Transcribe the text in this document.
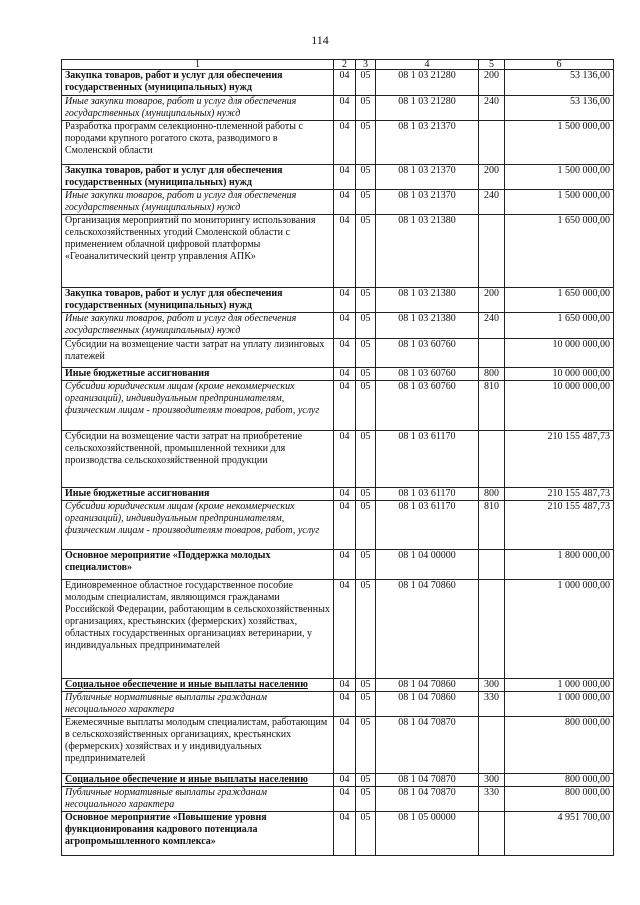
114
1	2	3	4	5	6
Закупка товаров, работ и услуг для обеспечения государственных (муниципальных) нужд	04	05	08 1 03 21280	200	53 136,00
Иные закупки товаров, работ и услуг для обеспечения государственных (муниципальных) нужд	04	05	08 1 03 21280	240	53 136,00
Разработка программ селекционно-племенной работы с породами крупного рогатого скота, разводимого в Смоленской области	04	05	08 1 03 21370		1 500 000,00
Закупка товаров, работ и услуг для обеспечения государственных (муниципальных) нужд	04	05	08 1 03 21370	200	1 500 000,00
Иные закупки товаров, работ и услуг для обеспечения государственных (муниципальных) нужд	04	05	08 1 03 21370	240	1 500 000,00
Организация мероприятий по мониторингу использования сельскохозяйственных угодий Смоленской области с применением облачной цифровой платформы «Геоаналитический центр управления АПК»	04	05	08 1 03 21380		1 650 000,00
Закупка товаров, работ и услуг для обеспечения государственных (муниципальных) нужд	04	05	08 1 03 21380	200	1 650 000,00
Иные закупки товаров, работ и услуг для обеспечения государственных (муниципальных) нужд	04	05	08 1 03 21380	240	1 650 000,00
Субсидии на возмещение части затрат на уплату лизинговых платежей	04	05	08 1 03 60760		10 000 000,00
Иные бюджетные ассигнования	04	05	08 1 03 60760	800	10 000 000,00
Субсидии юридическим лицам (кроме некоммерческих организаций), индивидуальным предпринимателям, физическим лицам - производителям товаров, работ, услуг	04	05	08 1 03 60760	810	10 000 000,00
Субсидии на возмещение части затрат на приобретение сельскохозяйственной, промышленной техники для производства сельскохозяйственной продукции	04	05	08 1 03 61170		210 155 487,73
Иные бюджетные ассигнования	04	05	08 1 03 61170	800	210 155 487,73
Субсидии юридическим лицам (кроме некоммерческих организаций), индивидуальным предпринимателям, физическим лицам - производителям товаров, работ, услуг	04	05	08 1 03 61170	810	210 155 487,73
Основное мероприятие «Поддержка молодых специалистов»	04	05	08 1 04 00000		1 800 000,00
Единовременное областное государственное пособие молодым специалистам, являющимся гражданами Российской Федерации, работающим в сельскохозяйственных организациях, крестьянских (фермерских) хозяйствах, областных государственных организациях ветеринарии, у индивидуальных предпринимателей	04	05	08 1 04 70860		1 000 000,00
Социальное обеспечение и иные выплаты населению	04	05	08 1 04 70860	300	1 000 000,00
Публичные нормативные выплаты гражданам несоциального характера	04	05	08 1 04 70860	330	1 000 000,00
Ежемесячные выплаты молодым специалистам, работающим в сельскохозяйственных организациях, крестьянских (фермерских) хозяйствах и у индивидуальных предпринимателей	04	05	08 1 04 70870		800 000,00
Социальное обеспечение и иные выплаты населению	04	05	08 1 04 70870	300	800 000,00
Публичные нормативные выплаты гражданам несоциального характера	04	05	08 1 04 70870	330	800 000,00
Основное мероприятие «Повышение уровня функционирования кадрового потенциала агропромышленного комплекса»	04	05	08 1 05 00000		4 951 700,00
